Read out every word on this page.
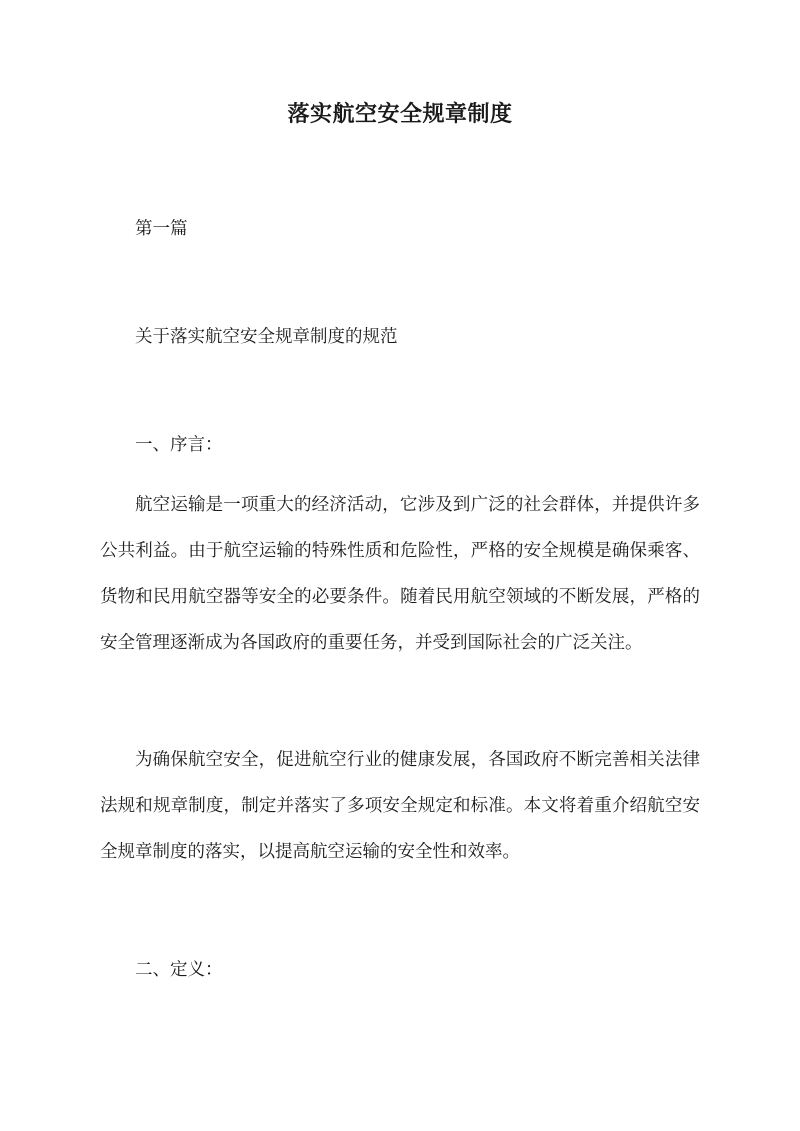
落实航空安全规章制度
第一篇
关于落实航空安全规章制度的规范
一、序言：

航空运输是一项重大的经济活动，它涉及到广泛的社会群体，并提供许多公共利益。由于航空运输的特殊性质和危险性，严格的安全规模是确保乘客、货物和民用航空器等安全的必要条件。随着民用航空领域的不断发展，严格的安全管理逐渐成为各国政府的重要任务，并受到国际社会的广泛关注。

为确保航空安全，促进航空行业的健康发展，各国政府不断完善相关法律法规和规章制度，制定并落实了多项安全规定和标准。本文将着重介绍航空安全规章制度的落实，以提高航空运输的安全性和效率。

二、定义：
